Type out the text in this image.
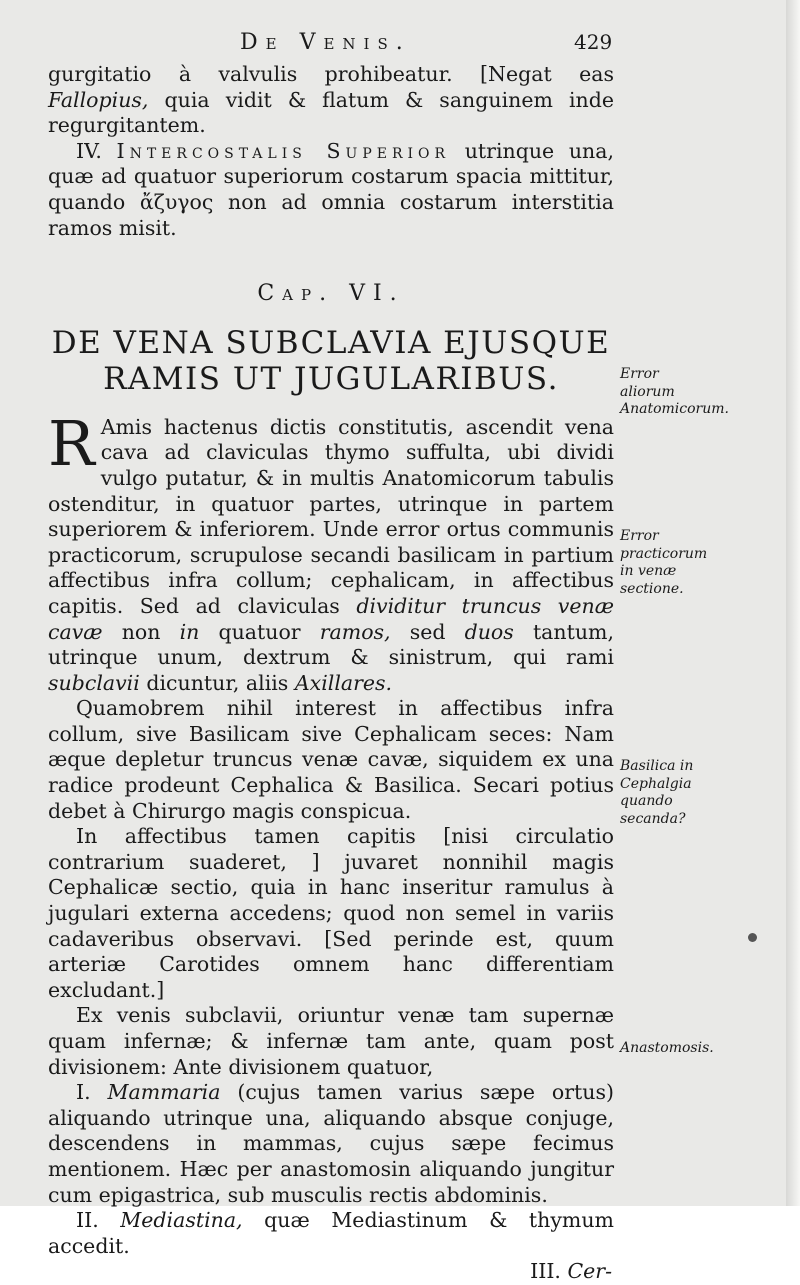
De Venis.	429

gurgitatio à valvulis prohibeatur. [Negat eas Fallopius, quia vidit & flatum & sanguinem inde regurgitantem.

IV. Intercostalis Superior utrinque una, quæ ad quatuor superiorum costarum spacia mittitur, quando ἄζυγος non ad omnia costarum interstitia ramos misit.

Cap. VI.
DE VENA SUBCLAVIA EJUSQUE
RAMIS UT JUGULARIBUS.

R Amis hactenus dictis constitutis, ascendit vena cava ad claviculas thymo suffulta, ubi dividi vulgo putatur, & in multis Anatomicorum tabulis ostenditur, in quatuor partes, utrinque in partem superiorem & inferiorem. Unde error ortus communis practicorum, scrupulose secandi basilicam in partium affectibus infra collum; cephalicam, in affectibus capitis. Sed ad claviculas dividitur truncus venæ cavæ non in quatuor ramos, sed duos tantum, utrinque unum, dextrum & sinistrum, qui rami subclavii dicuntur, aliis Axillares.

Quamobrem nihil interest in affectibus infra collum, sive Basilicam sive Cephalicam seces: Nam æque depletur truncus venæ cavæ, siquidem ex una radice prodeunt Cephalica & Basilica. Secari potius debet à Chirurgo magis conspicua.

In affectibus tamen capitis [nisi circulatio contrarium suaderet, ] juvaret nonnihil magis Cephalicæ sectio, quia in hanc inseritur ramulus à jugulari externa accedens; quod non semel in variis cadaveribus observavi. [Sed perinde est, quum arteriæ Carotides omnem hanc differentiam excludant.]

Ex venis subclavii, oriuntur venæ tam supernæ quam infernæ; & infernæ tam ante, quam post divisionem: Ante divisionem quatuor,

I. Mammaria (cujus tamen varius sæpe ortus) aliquando utrinque una, aliquando absque conjuge, descendens in mammas, cujus sæpe fecimus mentionem. Hæc per anastomosin aliquando jungitur cum epigastrica, sub musculis rectis abdominis.

II. Mediastina, quæ Mediastinum & thymum accedit.

III. Cer-

Error aliorum Anatomicorum.
Error practicorum in venæ sectione.
Basilica in Cephalgia quando secanda?
Anastomosis.
